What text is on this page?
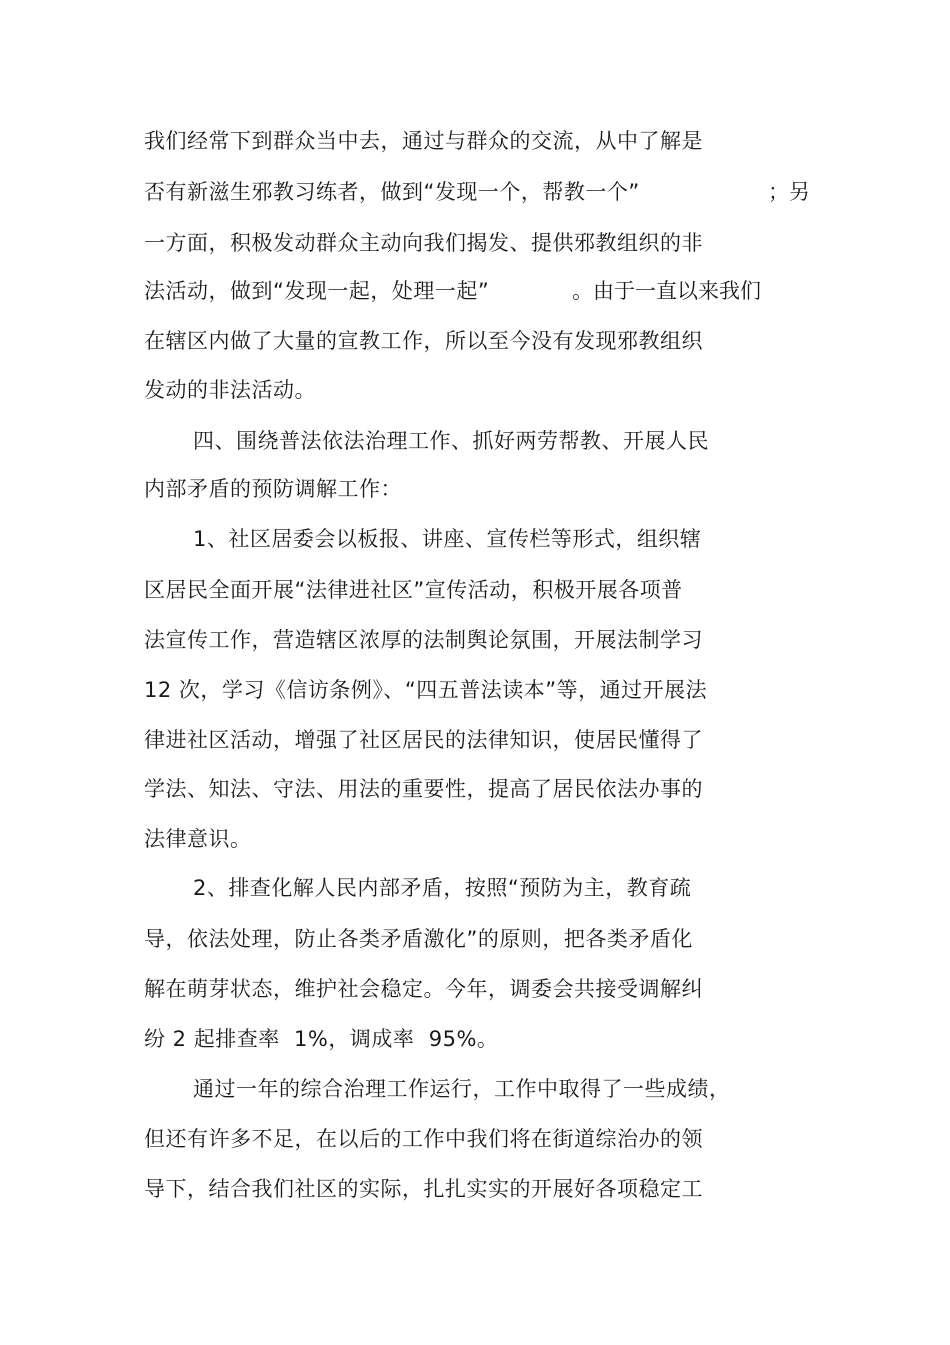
我们经常下到群众当中去，通过与群众的交流，从中了解是
否有新滋生邪教习练者，做到“发现一个，帮教一个”	；另
一方面，积极发动群众主动向我们揭发、提供邪教组织的非
法活动，做到“发现一起，处理一起”	。由于一直以来我们
在辖区内做了大量的宣教工作，所以至今没有发现邪教组织
发动的非法活动。
四、围绕普法依法治理工作、抓好两劳帮教、开展人民
内部矛盾的预防调解工作：
1、社区居委会以板报、讲座、宣传栏等形式，组织辖
区居民全面开展“法律进社区”宣传活动，积极开展各项普
法宣传工作，营造辖区浓厚的法制舆论氛围，开展法制学习
12 次，学习《信访条例》、“四五普法读本”等，通过开展法
律进社区活动，增强了社区居民的法律知识，使居民懂得了
学法、知法、守法、用法的重要性，提高了居民依法办事的
法律意识。
2、排查化解人民内部矛盾，按照“预防为主，教育疏
导，依法处理，防止各类矛盾激化”的原则，把各类矛盾化
解在萌芽状态，维护社会稳定。今年，调委会共接受调解纠
纷 2 起排查率  1%，调成率  95%。
通过一年的综合治理工作运行，工作中取得了一些成绩，
但还有许多不足，在以后的工作中我们将在街道综治办的领
导下，结合我们社区的实际，扎扎实实的开展好各项稳定工
